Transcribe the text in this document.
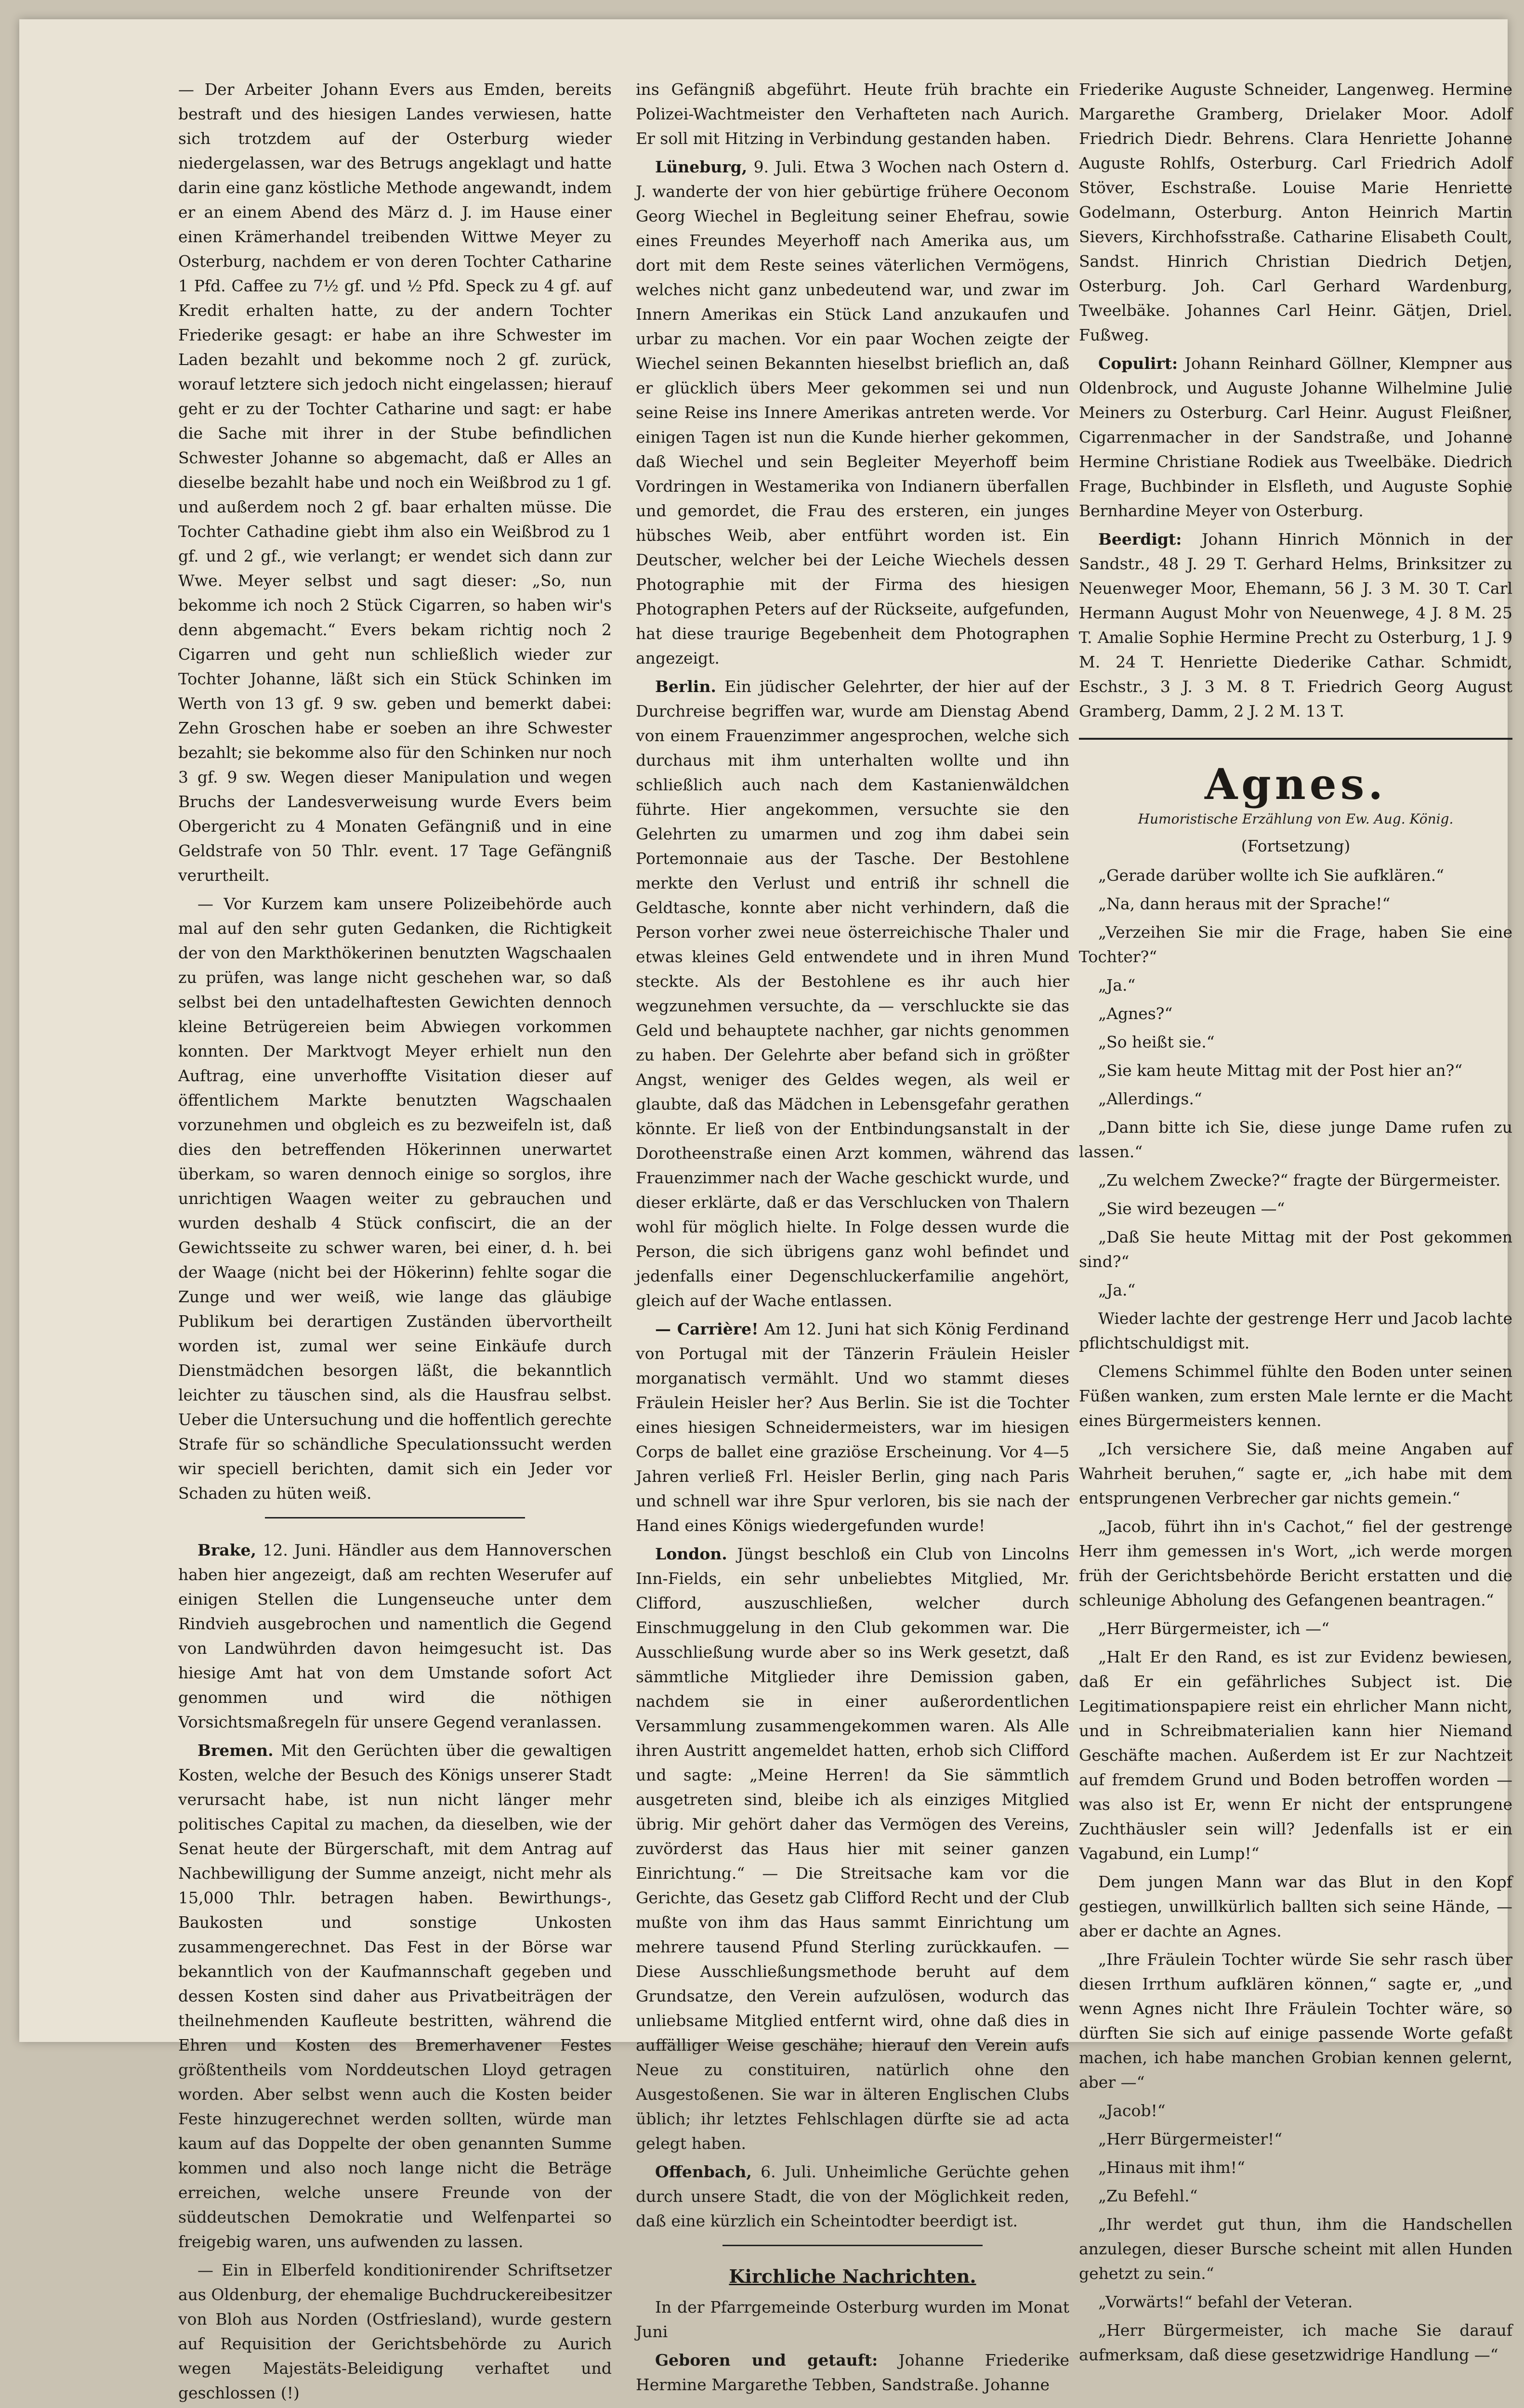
— Der Arbeiter Johann Evers aus Emden, bereits bestraft und des hiesigen Landes verwiesen, hatte sich trotzdem auf der Osterburg wieder niedergelassen, war des Betrugs angeklagt und hatte darin eine ganz köstliche Methode angewandt, indem er an einem Abend des März d. J. im Hause einer einen Krämerhandel treibenden Wittwe Meyer zu Osterburg, nachdem er von deren Tochter Catharine 1 Pfd. Caffee zu 7½ gf. und ½ Pfd. Speck zu 4 gf. auf Kredit erhalten hatte, zu der andern Tochter Friederike gesagt: er habe an ihre Schwester im Laden bezahlt und bekomme noch 2 gf. zurück, worauf letztere sich jedoch nicht eingelassen; hierauf geht er zu der Tochter Catharine und sagt: er habe die Sache mit ihrer in der Stube befindlichen Schwester Johanne so abgemacht, daß er Alles an dieselbe bezahlt habe und noch ein Weißbrod zu 1 gf. und außerdem noch 2 gf. baar erhalten müsse. Die Tochter Cathadine giebt ihm also ein Weißbrod zu 1 gf. und 2 gf., wie verlangt; er wendet sich dann zur Wwe. Meyer selbst und sagt dieser: „So, nun bekomme ich noch 2 Stück Cigarren, so haben wir's denn abgemacht.“ Evers bekam richtig noch 2 Cigarren und geht nun schließlich wieder zur Tochter Johanne, läßt sich ein Stück Schinken im Werth von 13 gf. 9 sw. geben und bemerkt dabei: Zehn Groschen habe er soeben an ihre Schwester bezahlt; sie bekomme also für den Schinken nur noch 3 gf. 9 sw. Wegen dieser Manipulation und wegen Bruchs der Landesverweisung wurde Evers beim Obergericht zu 4 Monaten Gefängniß und in eine Geldstrafe von 50 Thlr. event. 17 Tage Gefängniß verurtheilt.

— Vor Kurzem kam unsere Polizeibehörde auch mal auf den sehr guten Gedanken, die Richtigkeit der von den Markthökerinen benutzten Wagschaalen zu prüfen, was lange nicht geschehen war, so daß selbst bei den untadelhaftesten Gewichten dennoch kleine Betrügereien beim Abwiegen vorkommen konnten. Der Marktvogt Meyer erhielt nun den Auftrag, eine unverhoffte Visitation dieser auf öffentlichem Markte benutzten Wagschaalen vorzunehmen und obgleich es zu bezweifeln ist, daß dies den betreffenden Hökerinnen unerwartet überkam, so waren dennoch einige so sorglos, ihre unrichtigen Waagen weiter zu gebrauchen und wurden deshalb 4 Stück confiscirt, die an der Gewichtsseite zu schwer waren, bei einer, d. h. bei der Waage (nicht bei der Hökerinn) fehlte sogar die Zunge und wer weiß, wie lange das gläubige Publikum bei derartigen Zuständen übervortheilt worden ist, zumal wer seine Einkäufe durch Dienstmädchen besorgen läßt, die bekanntlich leichter zu täuschen sind, als die Hausfrau selbst. Ueber die Untersuchung und die hoffentlich gerechte Strafe für so schändliche Speculationssucht werden wir speciell berichten, damit sich ein Jeder vor Schaden zu hüten weiß.

Brake, 12. Juni. Händler aus dem Hannoverschen haben hier angezeigt, daß am rechten Weserufer auf einigen Stellen die Lungenseuche unter dem Rindvieh ausgebrochen und namentlich die Gegend von Landwührden davon heimgesucht ist. Das hiesige Amt hat von dem Umstande sofort Act genommen und wird die nöthigen Vorsichtsmaßregeln für unsere Gegend veranlassen.

Bremen. Mit den Gerüchten über die gewaltigen Kosten, welche der Besuch des Königs unserer Stadt verursacht habe, ist nun nicht länger mehr politisches Capital zu machen, da dieselben, wie der Senat heute der Bürgerschaft, mit dem Antrag auf Nachbewilligung der Summe anzeigt, nicht mehr als 15,000 Thlr. betragen haben. Bewirthungs-, Baukosten und sonstige Unkosten zusammengerechnet. Das Fest in der Börse war bekanntlich von der Kaufmannschaft gegeben und dessen Kosten sind daher aus Privatbeiträgen der theilnehmenden Kaufleute bestritten, während die Ehren und Kosten des Bremerhavener Festes größtentheils vom Norddeutschen Lloyd getragen worden. Aber selbst wenn auch die Kosten beider Feste hinzugerechnet werden sollten, würde man kaum auf das Doppelte der oben genannten Summe kommen und also noch lange nicht die Beträge erreichen, welche unsere Freunde von der süddeutschen Demokratie und Welfenpartei so freigebig waren, uns aufwenden zu lassen.

— Ein in Elberfeld konditionirender Schriftsetzer aus Oldenburg, der ehemalige Buchdruckereibesitzer von Bloh aus Norden (Ostfriesland), wurde gestern auf Requisition der Gerichtsbehörde zu Aurich wegen Majestäts-Beleidigung verhaftet und geschlossen (!)

ins Gefängniß abgeführt. Heute früh brachte ein Polizei-Wachtmeister den Verhafteten nach Aurich. Er soll mit Hitzing in Verbindung gestanden haben.

Lüneburg, 9. Juli. Etwa 3 Wochen nach Ostern d. J. wanderte der von hier gebürtige frühere Oeconom Georg Wiechel in Begleitung seiner Ehefrau, sowie eines Freundes Meyerhoff nach Amerika aus, um dort mit dem Reste seines väterlichen Vermögens, welches nicht ganz unbedeutend war, und zwar im Innern Amerikas ein Stück Land anzukaufen und urbar zu machen. Vor ein paar Wochen zeigte der Wiechel seinen Bekannten hieselbst brieflich an, daß er glücklich übers Meer gekommen sei und nun seine Reise ins Innere Amerikas antreten werde. Vor einigen Tagen ist nun die Kunde hierher gekommen, daß Wiechel und sein Begleiter Meyerhoff beim Vordringen in Westamerika von Indianern überfallen und gemordet, die Frau des ersteren, ein junges hübsches Weib, aber entführt worden ist. Ein Deutscher, welcher bei der Leiche Wiechels dessen Photographie mit der Firma des hiesigen Photographen Peters auf der Rückseite, aufgefunden, hat diese traurige Begebenheit dem Photographen angezeigt.

Berlin. Ein jüdischer Gelehrter, der hier auf der Durchreise begriffen war, wurde am Dienstag Abend von einem Frauenzimmer angesprochen, welche sich durchaus mit ihm unterhalten wollte und ihn schließlich auch nach dem Kastanienwäldchen führte. Hier angekommen, versuchte sie den Gelehrten zu umarmen und zog ihm dabei sein Portemonnaie aus der Tasche. Der Bestohlene merkte den Verlust und entriß ihr schnell die Geldtasche, konnte aber nicht verhindern, daß die Person vorher zwei neue österreichische Thaler und etwas kleines Geld entwendete und in ihren Mund steckte. Als der Bestohlene es ihr auch hier wegzunehmen versuchte, da — verschluckte sie das Geld und behauptete nachher, gar nichts genommen zu haben. Der Gelehrte aber befand sich in größter Angst, weniger des Geldes wegen, als weil er glaubte, daß das Mädchen in Lebensgefahr gerathen könnte. Er ließ von der Entbindungsanstalt in der Dorotheenstraße einen Arzt kommen, während das Frauenzimmer nach der Wache geschickt wurde, und dieser erklärte, daß er das Verschlucken von Thalern wohl für möglich hielte. In Folge dessen wurde die Person, die sich übrigens ganz wohl befindet und jedenfalls einer Degenschluckerfamilie angehört, gleich auf der Wache entlassen.

— Carrière! Am 12. Juni hat sich König Ferdinand von Portugal mit der Tänzerin Fräulein Heisler morganatisch vermählt. Und wo stammt dieses Fräulein Heisler her? Aus Berlin. Sie ist die Tochter eines hiesigen Schneidermeisters, war im hiesigen Corps de ballet eine graziöse Erscheinung. Vor 4—5 Jahren verließ Frl. Heisler Berlin, ging nach Paris und schnell war ihre Spur verloren, bis sie nach der Hand eines Königs wiedergefunden wurde!

London. Jüngst beschloß ein Club von Lincolns Inn-Fields, ein sehr unbeliebtes Mitglied, Mr. Clifford, auszuschließen, welcher durch Einschmuggelung in den Club gekommen war. Die Ausschließung wurde aber so ins Werk gesetzt, daß sämmtliche Mitglieder ihre Demission gaben, nachdem sie in einer außerordentlichen Versammlung zusammengekommen waren. Als Alle ihren Austritt angemeldet hatten, erhob sich Clifford und sagte: „Meine Herren! da Sie sämmtlich ausgetreten sind, bleibe ich als einziges Mitglied übrig. Mir gehört daher das Vermögen des Vereins, zuvörderst das Haus hier mit seiner ganzen Einrichtung.“ — Die Streitsache kam vor die Gerichte, das Gesetz gab Clifford Recht und der Club mußte von ihm das Haus sammt Einrichtung um mehrere tausend Pfund Sterling zurückkaufen. — Diese Ausschließungsmethode beruht auf dem Grundsatze, den Verein aufzulösen, wodurch das unliebsame Mitglied entfernt wird, ohne daß dies in auffälliger Weise geschähe; hierauf den Verein aufs Neue zu constituiren, natürlich ohne den Ausgestoßenen. Sie war in älteren Englischen Clubs üblich; ihr letztes Fehlschlagen dürfte sie ad acta gelegt haben.

Offenbach, 6. Juli. Unheimliche Gerüchte gehen durch unsere Stadt, die von der Möglichkeit reden, daß eine kürzlich ein Scheintodter beerdigt ist.

Kirchliche Nachrichten.

In der Pfarrgemeinde Osterburg wurden im Monat Juni

Geboren und getauft: Johanne Friederike Hermine Margarethe Tebben, Sandstraße. Johanne

Friederike Auguste Schneider, Langenweg. Hermine Margarethe Gramberg, Drielaker Moor. Adolf Friedrich Diedr. Behrens. Clara Henriette Johanne Auguste Rohlfs, Osterburg. Carl Friedrich Adolf Stöver, Eschstraße. Louise Marie Henriette Godelmann, Osterburg. Anton Heinrich Martin Sievers, Kirchhofsstraße. Catharine Elisabeth Coult, Sandst. Hinrich Christian Diedrich Detjen, Osterburg. Joh. Carl Gerhard Wardenburg, Tweelbäke. Johannes Carl Heinr. Gätjen, Driel. Fußweg.

Copulirt: Johann Reinhard Göllner, Klempner aus Oldenbrock, und Auguste Johanne Wilhelmine Julie Meiners zu Osterburg. Carl Heinr. August Fleißner, Cigarrenmacher in der Sandstraße, und Johanne Hermine Christiane Rodiek aus Tweelbäke. Diedrich Frage, Buchbinder in Elsfleth, und Auguste Sophie Bernhardine Meyer von Osterburg.

Beerdigt: Johann Hinrich Mönnich in der Sandstr., 48 J. 29 T. Gerhard Helms, Brinksitzer zu Neuenweger Moor, Ehemann, 56 J. 3 M. 30 T. Carl Hermann August Mohr von Neuenwege, 4 J. 8 M. 25 T. Amalie Sophie Hermine Precht zu Osterburg, 1 J. 9 M. 24 T. Henriette Diederike Cathar. Schmidt, Eschstr., 3 J. 3 M. 8 T. Friedrich Georg August Gramberg, Damm, 2 J. 2 M. 13 T.

Agnes.
Humoristische Erzählung von Ew. Aug. König.
(Fortsetzung)

„Gerade darüber wollte ich Sie aufklären.“

„Na, dann heraus mit der Sprache!“

„Verzeihen Sie mir die Frage, haben Sie eine Tochter?“

„Ja.“

„Agnes?“

„So heißt sie.“

„Sie kam heute Mittag mit der Post hier an?“

„Allerdings.“

„Dann bitte ich Sie, diese junge Dame rufen zu lassen.“

„Zu welchem Zwecke?“ fragte der Bürgermeister.

„Sie wird bezeugen —“

„Daß Sie heute Mittag mit der Post gekommen sind?“

„Ja.“

Wieder lachte der gestrenge Herr und Jacob lachte pflichtschuldigst mit.

Clemens Schimmel fühlte den Boden unter seinen Füßen wanken, zum ersten Male lernte er die Macht eines Bürgermeisters kennen.

„Ich versichere Sie, daß meine Angaben auf Wahrheit beruhen,“ sagte er, „ich habe mit dem entsprungenen Verbrecher gar nichts gemein.“

„Jacob, führt ihn in's Cachot,“ fiel der gestrenge Herr ihm gemessen in's Wort, „ich werde morgen früh der Gerichtsbehörde Bericht erstatten und die schleunige Abholung des Gefangenen beantragen.“

„Herr Bürgermeister, ich —“

„Halt Er den Rand, es ist zur Evidenz bewiesen, daß Er ein gefährliches Subject ist. Die Legitimationspapiere reist ein ehrlicher Mann nicht, und in Schreibmaterialien kann hier Niemand Geschäfte machen. Außerdem ist Er zur Nachtzeit auf fremdem Grund und Boden betroffen worden — was also ist Er, wenn Er nicht der entsprungene Zuchthäusler sein will? Jedenfalls ist er ein Vagabund, ein Lump!“

Dem jungen Mann war das Blut in den Kopf gestiegen, unwillkürlich ballten sich seine Hände, — aber er dachte an Agnes.

„Ihre Fräulein Tochter würde Sie sehr rasch über diesen Irrthum aufklären können,“ sagte er, „und wenn Agnes nicht Ihre Fräulein Tochter wäre, so dürften Sie sich auf einige passende Worte gefaßt machen, ich habe manchen Grobian kennen gelernt, aber —“

„Jacob!“

„Herr Bürgermeister!“

„Hinaus mit ihm!“

„Zu Befehl.“

„Ihr werdet gut thun, ihm die Handschellen anzulegen, dieser Bursche scheint mit allen Hunden gehetzt zu sein.“

„Vorwärts!“ befahl der Veteran.

„Herr Bürgermeister, ich mache Sie darauf aufmerksam, daß diese gesetzwidrige Handlung —“
